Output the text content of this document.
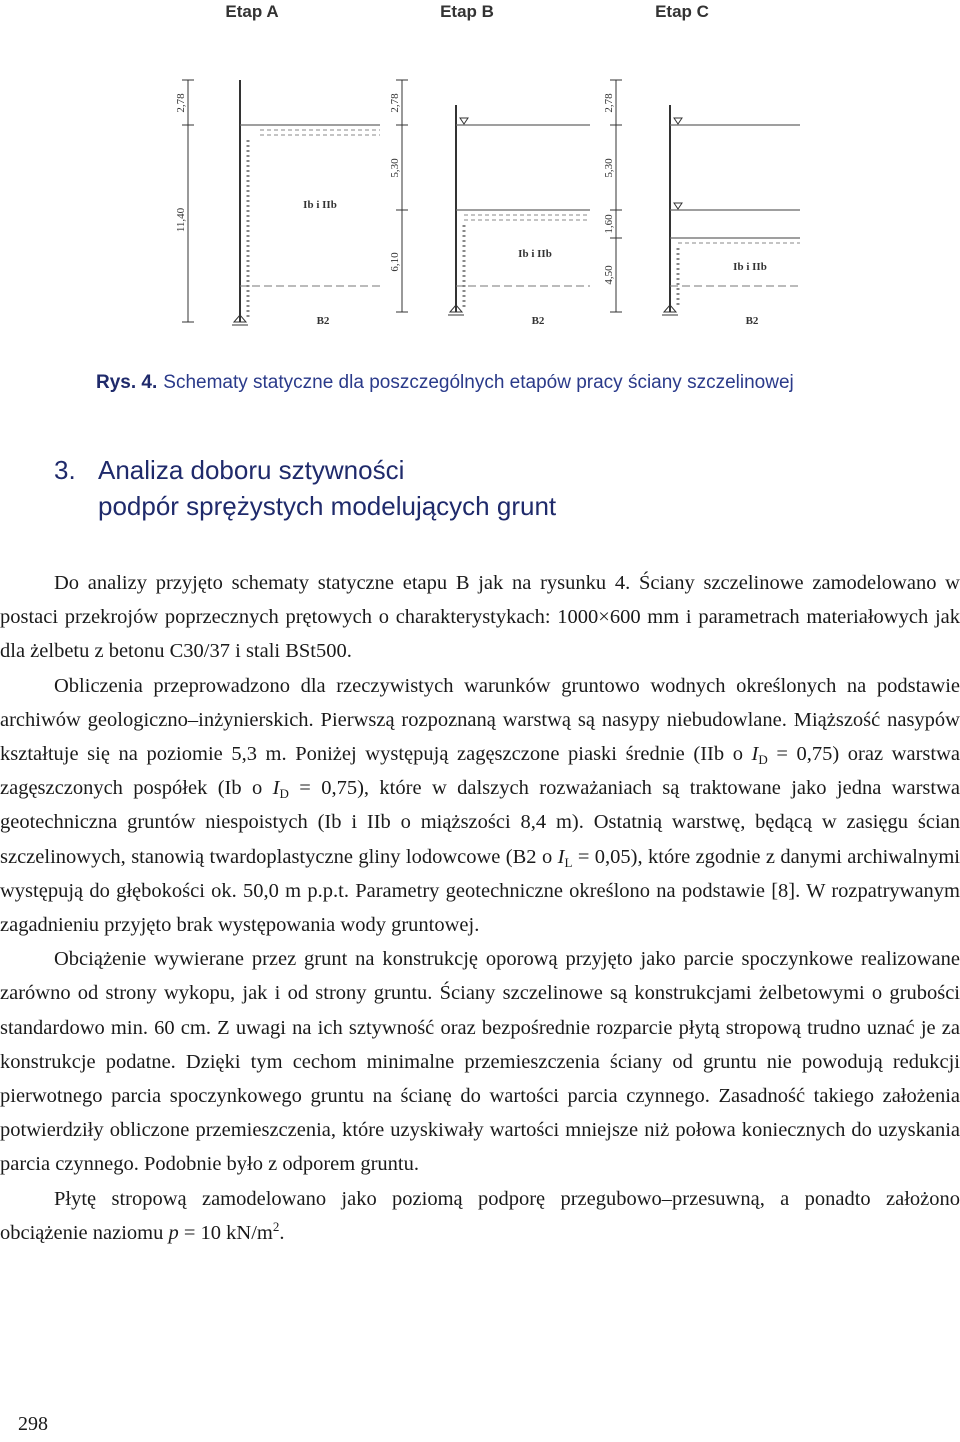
Etap A	Etap B	Etap C
2,78
11,40
Ib i IIb
B2
2,78
5,30
6,10	Ib i IIb
B2
2,78
5,30
1,60
4,50	Ib i IIb
B2
Rys. 4. Schematy statyczne dla poszczególnych etapów pracy ściany szczelinowej
3. Analiza doboru sztywności
podpór sprężystych modelujących grunt

Do analizy przyjęto schematy statyczne etapu B jak na rysunku 4. Ściany szczelinowe zamodelowano w postaci przekrojów poprzecznych prętowych o charakterystykach: 1000×600 mm i parametrach materiałowych jak dla żelbetu z betonu C30/37 i stali BSt500.

Obliczenia przeprowadzono dla rzeczywistych warunków gruntowo wodnych określonych na podstawie archiwów geologiczno–inżynierskich. Pierwszą rozpoznaną warstwą są nasypy niebudowlane. Miąższość nasypów kształtuje się na poziomie 5,3 m. Poniżej występują zagęszczone piaski średnie (IIb o $I_D = 0,75$) oraz warstwa zagęszczonych pospółek (Ib o $I_D = 0,75$), które w dalszych rozważaniach są traktowane jako jedna warstwa geotechniczna gruntów niespoistych (Ib i IIb o miąższości 8,4 m). Ostatnią warstwę, będącą w zasięgu ścian szczelinowych, stanowią twardoplastyczne gliny lodowcowe (B2 o $I_L = 0,05$), które zgodnie z danymi archiwalnymi występują do głębokości ok. 50,0 m p.p.t. Parametry geotechniczne określono na podstawie [8]. W rozpatrywanym zagadnieniu przyjęto brak występowania wody gruntowej.

Obciążenie wywierane przez grunt na konstrukcję oporową przyjęto jako parcie spoczynkowe realizowane zarówno od strony wykopu, jak i od strony gruntu. Ściany szczelinowe są konstrukcjami żelbetowymi o grubości standardowo min. 60 cm. Z uwagi na ich sztywność oraz bezpośrednie rozparcie płytą stropową trudno uznać je za konstrukcje podatne. Dzięki tym cechom minimalne przemieszczenia ściany od gruntu nie powodują redukcji pierwotnego parcia spoczynkowego gruntu na ścianę do wartości parcia czynnego. Zasadność takiego założenia potwierdziły obliczone przemieszczenia, które uzyskiwały wartości mniejsze niż połowa koniecznych do uzyskania parcia czynnego. Podobnie było z odporem gruntu.

Płytę stropową zamodelowano jako poziomą podporę przegubowo–przesuwną, a ponadto założono obciążenie naziomu p = 10 $kN/m^2$.

298
